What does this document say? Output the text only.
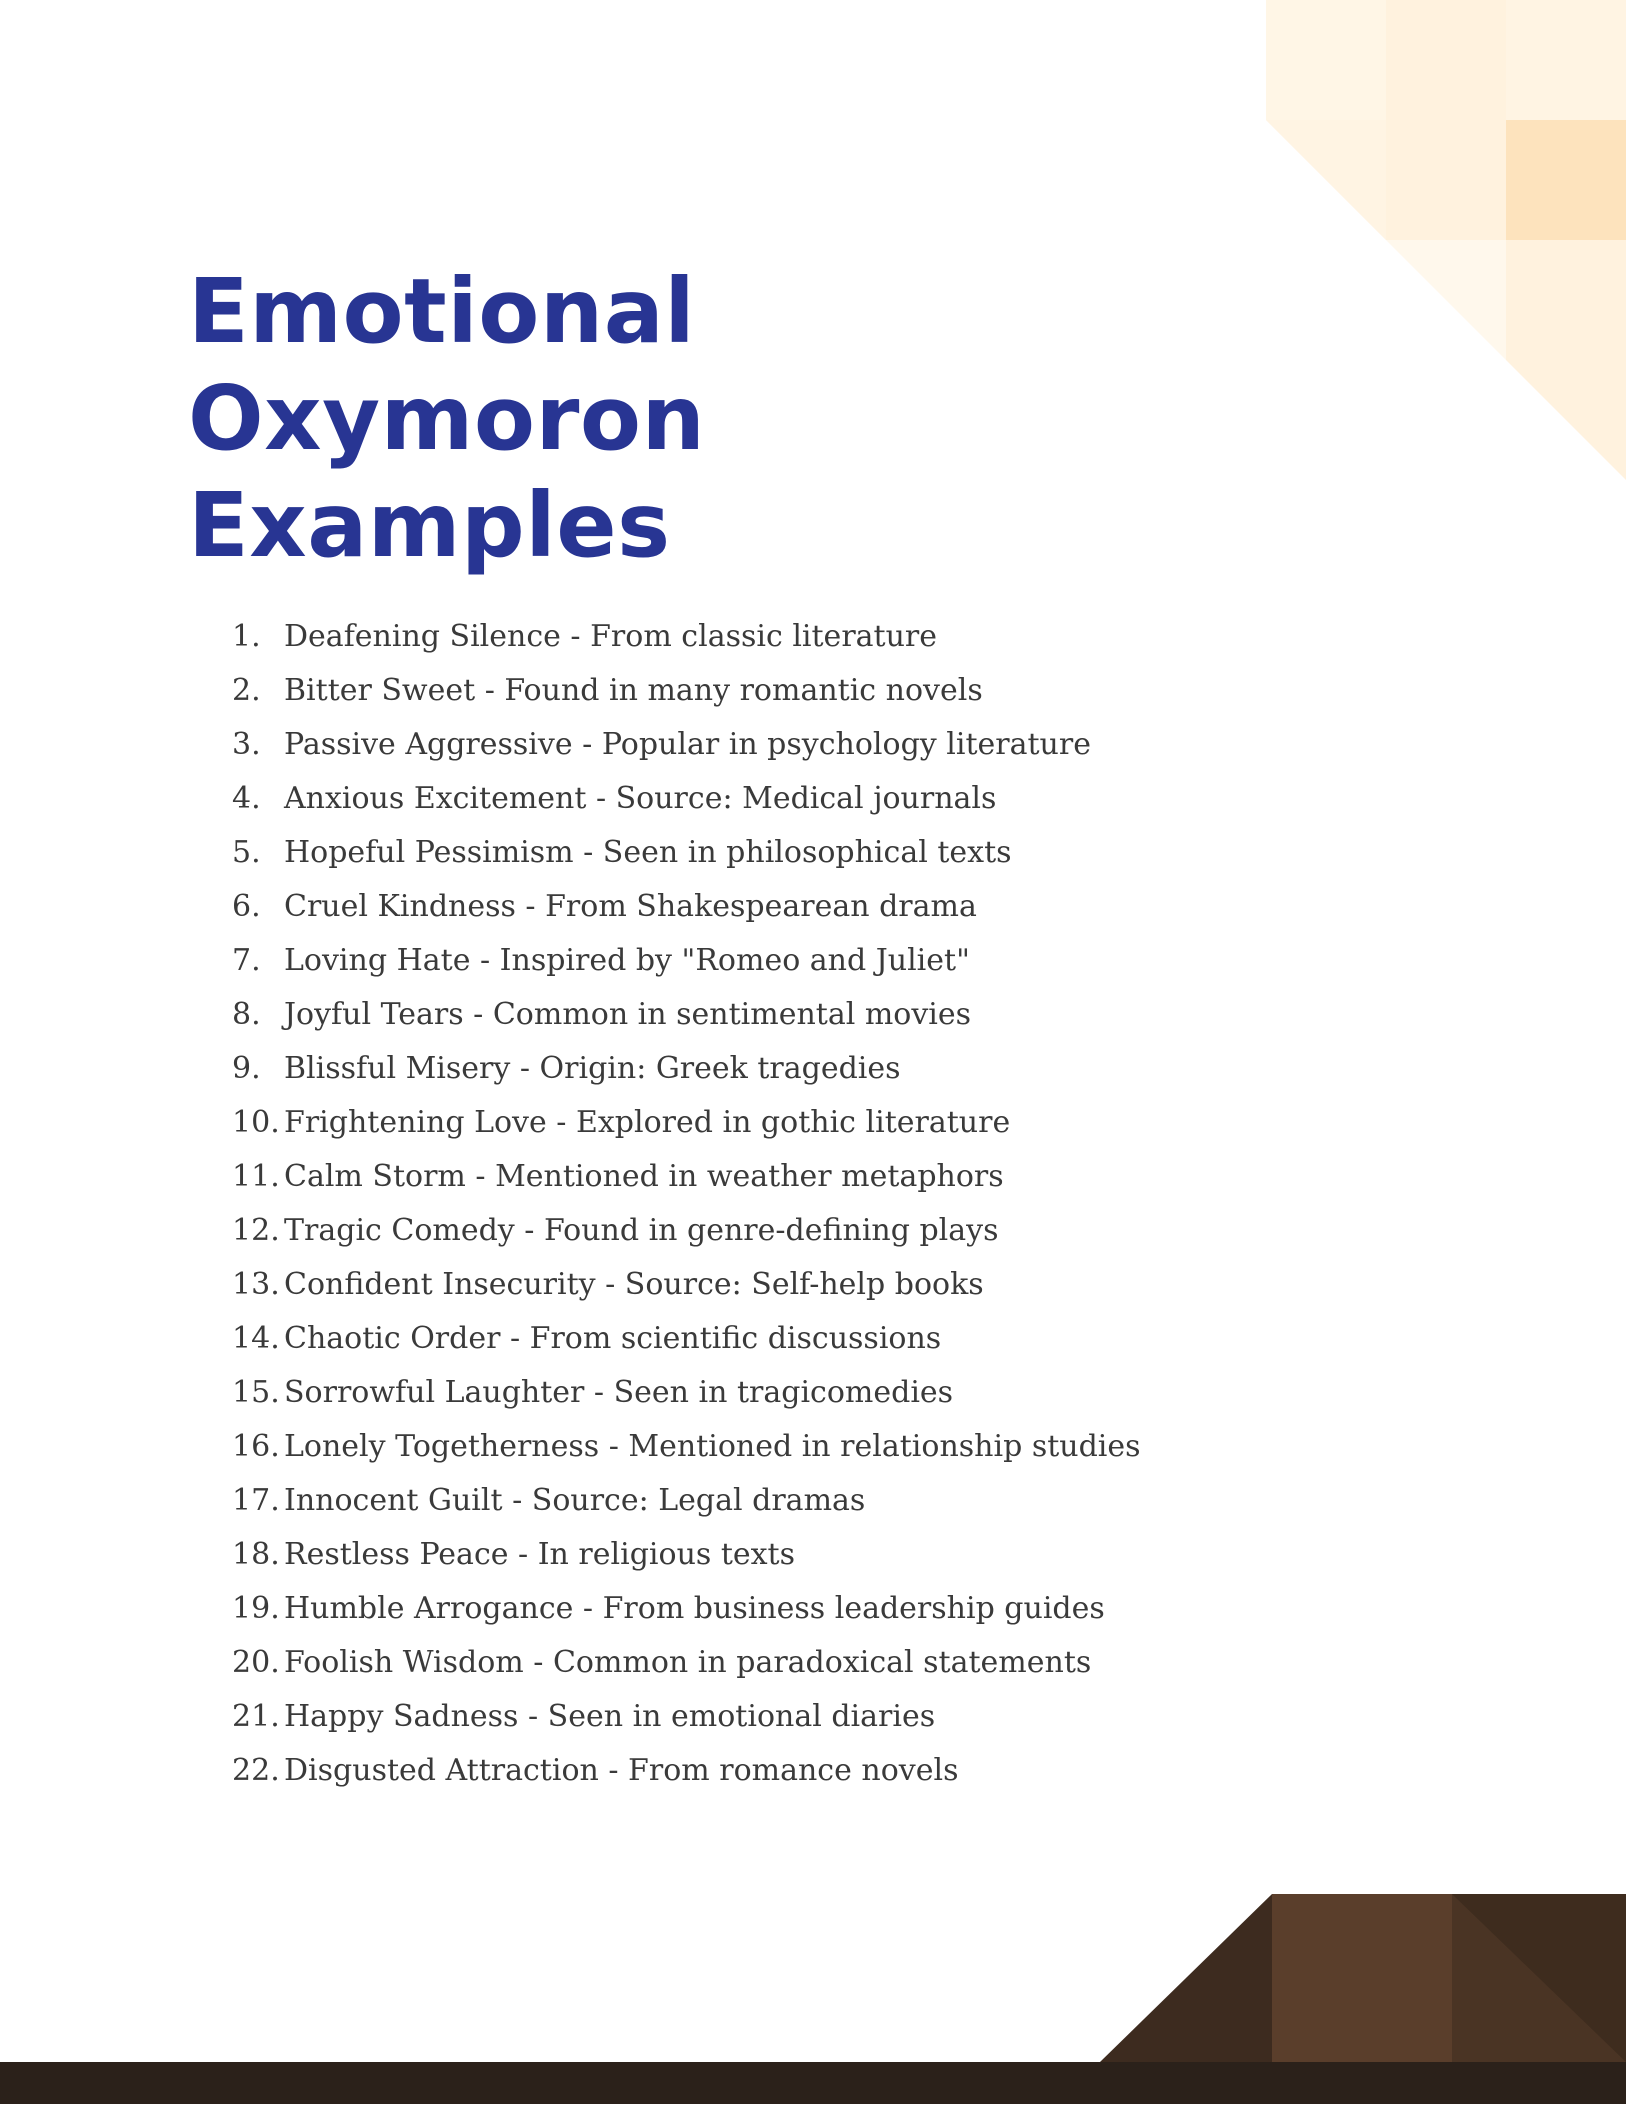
Emotional
Oxymoron
Examples
1 .	Deafening Silence - From classic literature
2 .	Bitter Sweet - Found in many romantic novels
3 .	Passive Aggressive - Popular in psychology literature
4 .	Anxious Excitement - Source: Medical journals
5 .	Hopeful Pessimism - Seen in philosophical texts
6 .	Cruel Kindness - From Shakespearean drama
7 .	Loving Hate - Inspired by "Romeo and Juliet"
8 .	Joyful Tears - Common in sentimental movies
9 .	Blissful Misery - Origin: Greek tragedies
10 . Frightening Love - Explored in gothic literature
11 . Calm Storm - Mentioned in weather metaphors
12 . Tragic Comedy - Found in genre-defining plays
13 . Confident Insecurity - Source: Self-help books
14 . Chaotic Order - From scientific discussions
15 . Sorrowful Laughter - Seen in tragicomedies
16 . Lonely Togetherness - Mentioned in relationship studies
17 . Innocent Guilt - Source: Legal dramas
18 . Restless Peace - In religious texts
19 . Humble Arrogance - From business leadership guides
20 . Foolish Wisdom - Common in paradoxical statements
21 . Happy Sadness - Seen in emotional diaries
22 . Disgusted Attraction - From romance novels
